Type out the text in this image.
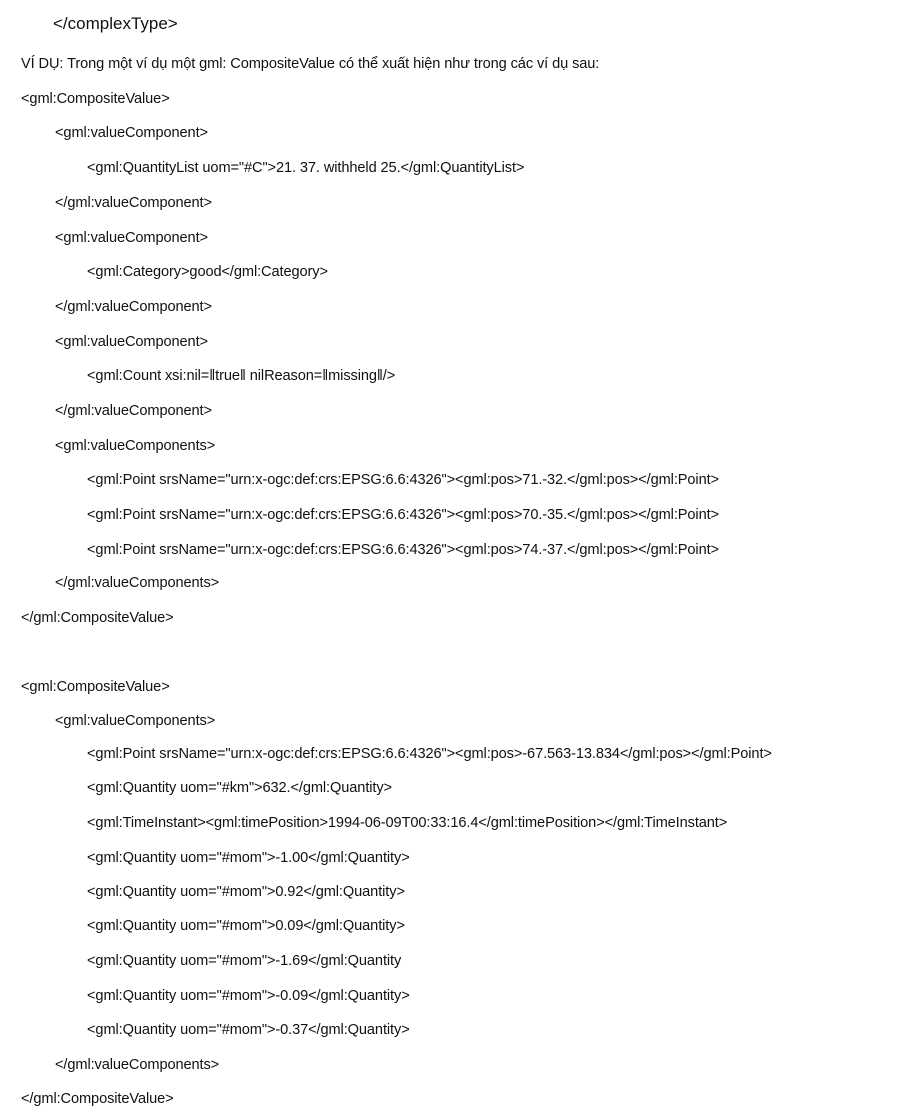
</complexType>
VÍ DỤ: Trong một ví dụ một gml: CompositeValue có thể xuất hiện như trong các ví dụ sau:
<gml:CompositeValue>
<gml:valueComponent>
<gml:QuantityList uom="#C">21. 37. withheld 25.</gml:QuantityList>
</gml:valueComponent>
<gml:valueComponent>
<gml:Category>good</gml:Category>
</gml:valueComponent>
<gml:valueComponent>
<gml:Count xsi:nil=‖true‖ nilReason=‖missing‖/>
</gml:valueComponent>
<gml:valueComponents>
<gml:Point srsName="urn:x-ogc:def:crs:EPSG:6.6:4326"><gml:pos>71.-32.</gml:pos></gml:Point>
<gml:Point srsName="urn:x-ogc:def:crs:EPSG:6.6:4326"><gml:pos>70.-35.</gml:pos></gml:Point>
<gml:Point srsName="urn:x-ogc:def:crs:EPSG:6.6:4326"><gml:pos>74.-37.</gml:pos></gml:Point>
</gml:valueComponents>
</gml:CompositeValue>
<gml:CompositeValue>
<gml:valueComponents>
<gml:Point srsName="urn:x-ogc:def:crs:EPSG:6.6:4326"><gml:pos>-67.563-13.834</gml:pos></gml:Point>
<gml:Quantity uom="#km">632.</gml:Quantity>
<gml:TimeInstant><gml:timePosition>1994-06-09T00:33:16.4</gml:timePosition></gml:TimeInstant>
<gml:Quantity uom="#mom">-1.00</gml:Quantity>
<gml:Quantity uom="#mom">0.92</gml:Quantity>
<gml:Quantity uom="#mom">0.09</gml:Quantity>
<gml:Quantity uom="#mom">-1.69</gml:Quantity
<gml:Quantity uom="#mom">-0.09</gml:Quantity>
<gml:Quantity uom="#mom">-0.37</gml:Quantity>
</gml:valueComponents>
</gml:CompositeValue>
